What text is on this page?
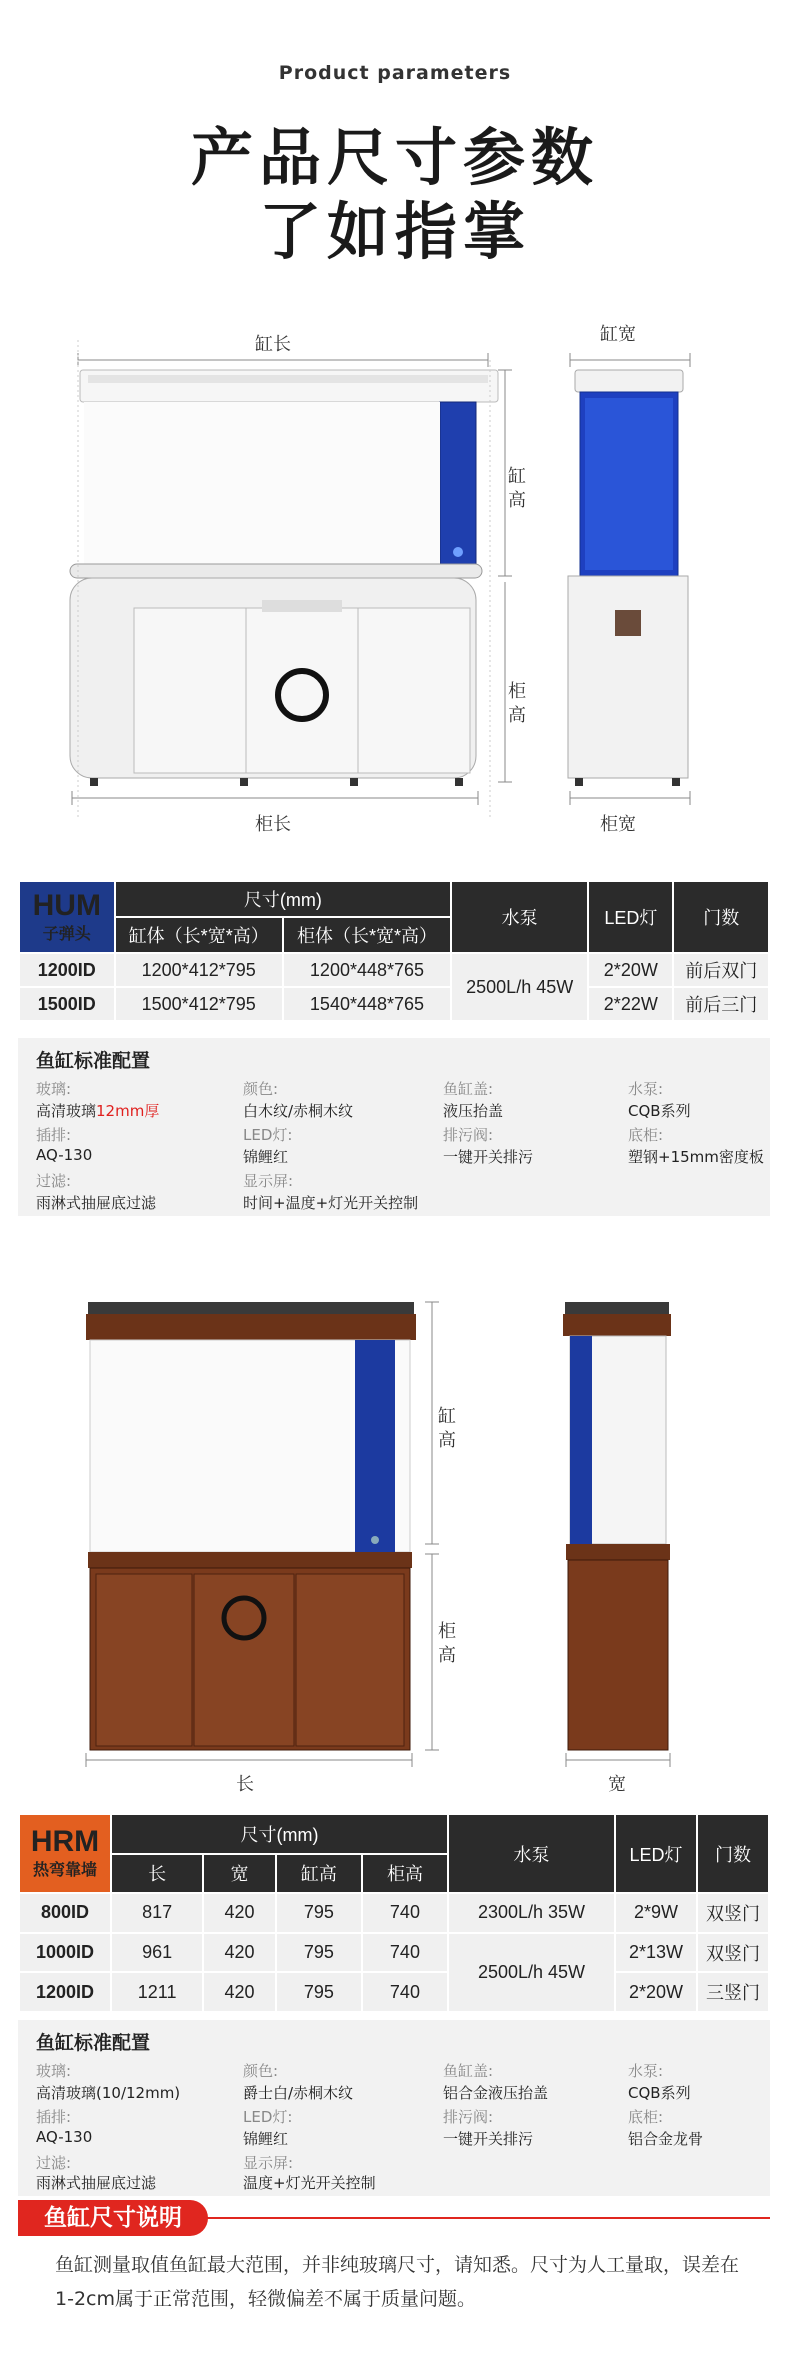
Product parameters
产品尺寸参数
了如指掌
缸长	缸宽
缸高
柜高
柜长	柜宽
HUM
子弹头	尺寸(mm)		水泵	LED灯	门数
	缸体（长*宽*高）	柜体（长*宽*高）			
1200ID	1200*412*795	1200*448*765	2500L/h 45W	2*20W	前后双门
1500ID	1500*412*795	1540*448*765		2*22W	前后三门
鱼缸标准配置
玻璃:
高清玻璃12mm厚
颜色:
白木纹/赤桐木纹
鱼缸盖:
液压抬盖
水泵:
CQB系列
插排:
AQ-130
LED灯:
锦鲤红
排污阀:
一键开关排污
底柜:
塑钢+15mm密度板
过滤:
雨淋式抽屉底过滤
显示屏:
时间+温度+灯光开关控制
缸高
柜高
长	宽
HRM
热弯靠墙	尺寸(mm)				水泵	LED灯	门数
	长	宽	缸高	柜高			
800ID	817	420	795	740	2300L/h 35W	2*9W	双竖门
1000ID	961	420	795	740	2500L/h 45W	2*13W	双竖门
1200ID	1211	420	795	740		2*20W	三竖门
鱼缸标准配置
玻璃:
高清玻璃(10/12mm)
颜色:
爵士白/赤桐木纹
鱼缸盖:
铝合金液压抬盖
水泵:
CQB系列
插排:
AQ-130
LED灯:
锦鲤红
排污阀:
一键开关排污
底柜:
铝合金龙骨
过滤:
雨淋式抽屉底过滤
显示屏:
温度+灯光开关控制
鱼缸尺寸说明
鱼缸测量取值鱼缸最大范围，并非纯玻璃尺寸，请知悉。尺寸为人工量取，误差在1-2cm属于正常范围，轻微偏差不属于质量问题。
